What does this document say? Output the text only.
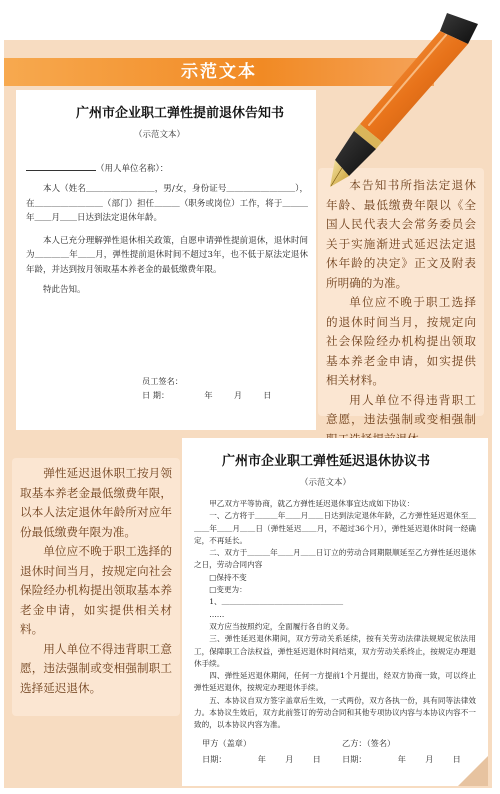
示范文本
广州市企业职工弹性提前退休告知书
（示范文本）
（用人单位名称）：

本人（姓名＿＿＿＿＿＿＿＿，男/女，身份证号＿＿＿＿＿＿＿＿），在＿＿＿＿＿＿＿＿（部门）担任＿＿＿（职务或岗位）工作，将于＿＿＿年＿＿月＿＿日达到法定退休年龄。

本人已充分理解弹性退休相关政策，自愿申请弹性提前退休，退休时间为＿＿＿＿年＿＿月，弹性提前退休时间不超过3年，也不低于原法定退休年龄，并达到按月领取基本养老金的最低缴费年限。

特此告知。

员工签名：
日 期：	年	月	日

本告知书所指法定退休年龄、最低缴费年限以《全国人民代表大会常务委员会关于实施渐进式延迟法定退休年龄的决定》正文及附表所明确的为准。

单位应不晚于职工选择的退休时间当月，按规定向社会保险经办机构提出领取基本养老金申请，如实提供相关材料。

用人单位不得违背职工意愿，违法强制或变相强制

弹性延迟退休职工按月领取基本养老金最低缴费年限，以本人法定退休年龄所对应年份最低缴费年限为准。

单位应不晚于职工选择的退休时间当月，按规定向社会保险经办机构提出领取基本养老金申请，如实提供相关材料。

用人单位不得违背职工意愿，违法强制或变相强制职工选择延迟退休。

广州市企业职工弹性延迟退休协议书
（示范文本）

甲乙双方平等协商，就乙方弹性延迟退休事宜达成如下协议：

一、乙方将于＿＿＿年＿＿月＿＿日达到法定退休年龄，乙方弹性延迟退休至＿＿＿年＿＿月＿＿日（弹性延迟＿＿月，不超过36个月），弹性延迟退休时间一经确定，不再延长。

二、双方于＿＿＿年＿＿月＿＿日订立的劳动合同期限顺延至乙方弹性延迟退休之日，劳动合同内容

□保持不变

□变更为：

1、＿＿＿＿＿＿＿＿＿＿＿＿＿＿＿＿

……

双方应当按照约定，全面履行各自的义务。

三、弹性延迟退休期间，双方劳动关系延续，按有关劳动法律法规规定依法用工，保障职工合法权益，弹性延迟退休时间结束，双方劳动关系终止，按规定办理退休手续。

四、弹性延迟退休期间，任何一方提前1个月提出，经双方协商一致，可以终止弹性延迟退休，按规定办理退休手续。

五、本协议自双方签字盖章后生效，一式两份，双方各执一份，具有同等法律效力。本协议生效后，双方此前签订的劳动合同和其他专项协议内容与本协议内容不一致的，以本协议内容为准。

甲方（盖章）	乙方：（签名）
日期：	年 月 日	日期：	年 月 日
